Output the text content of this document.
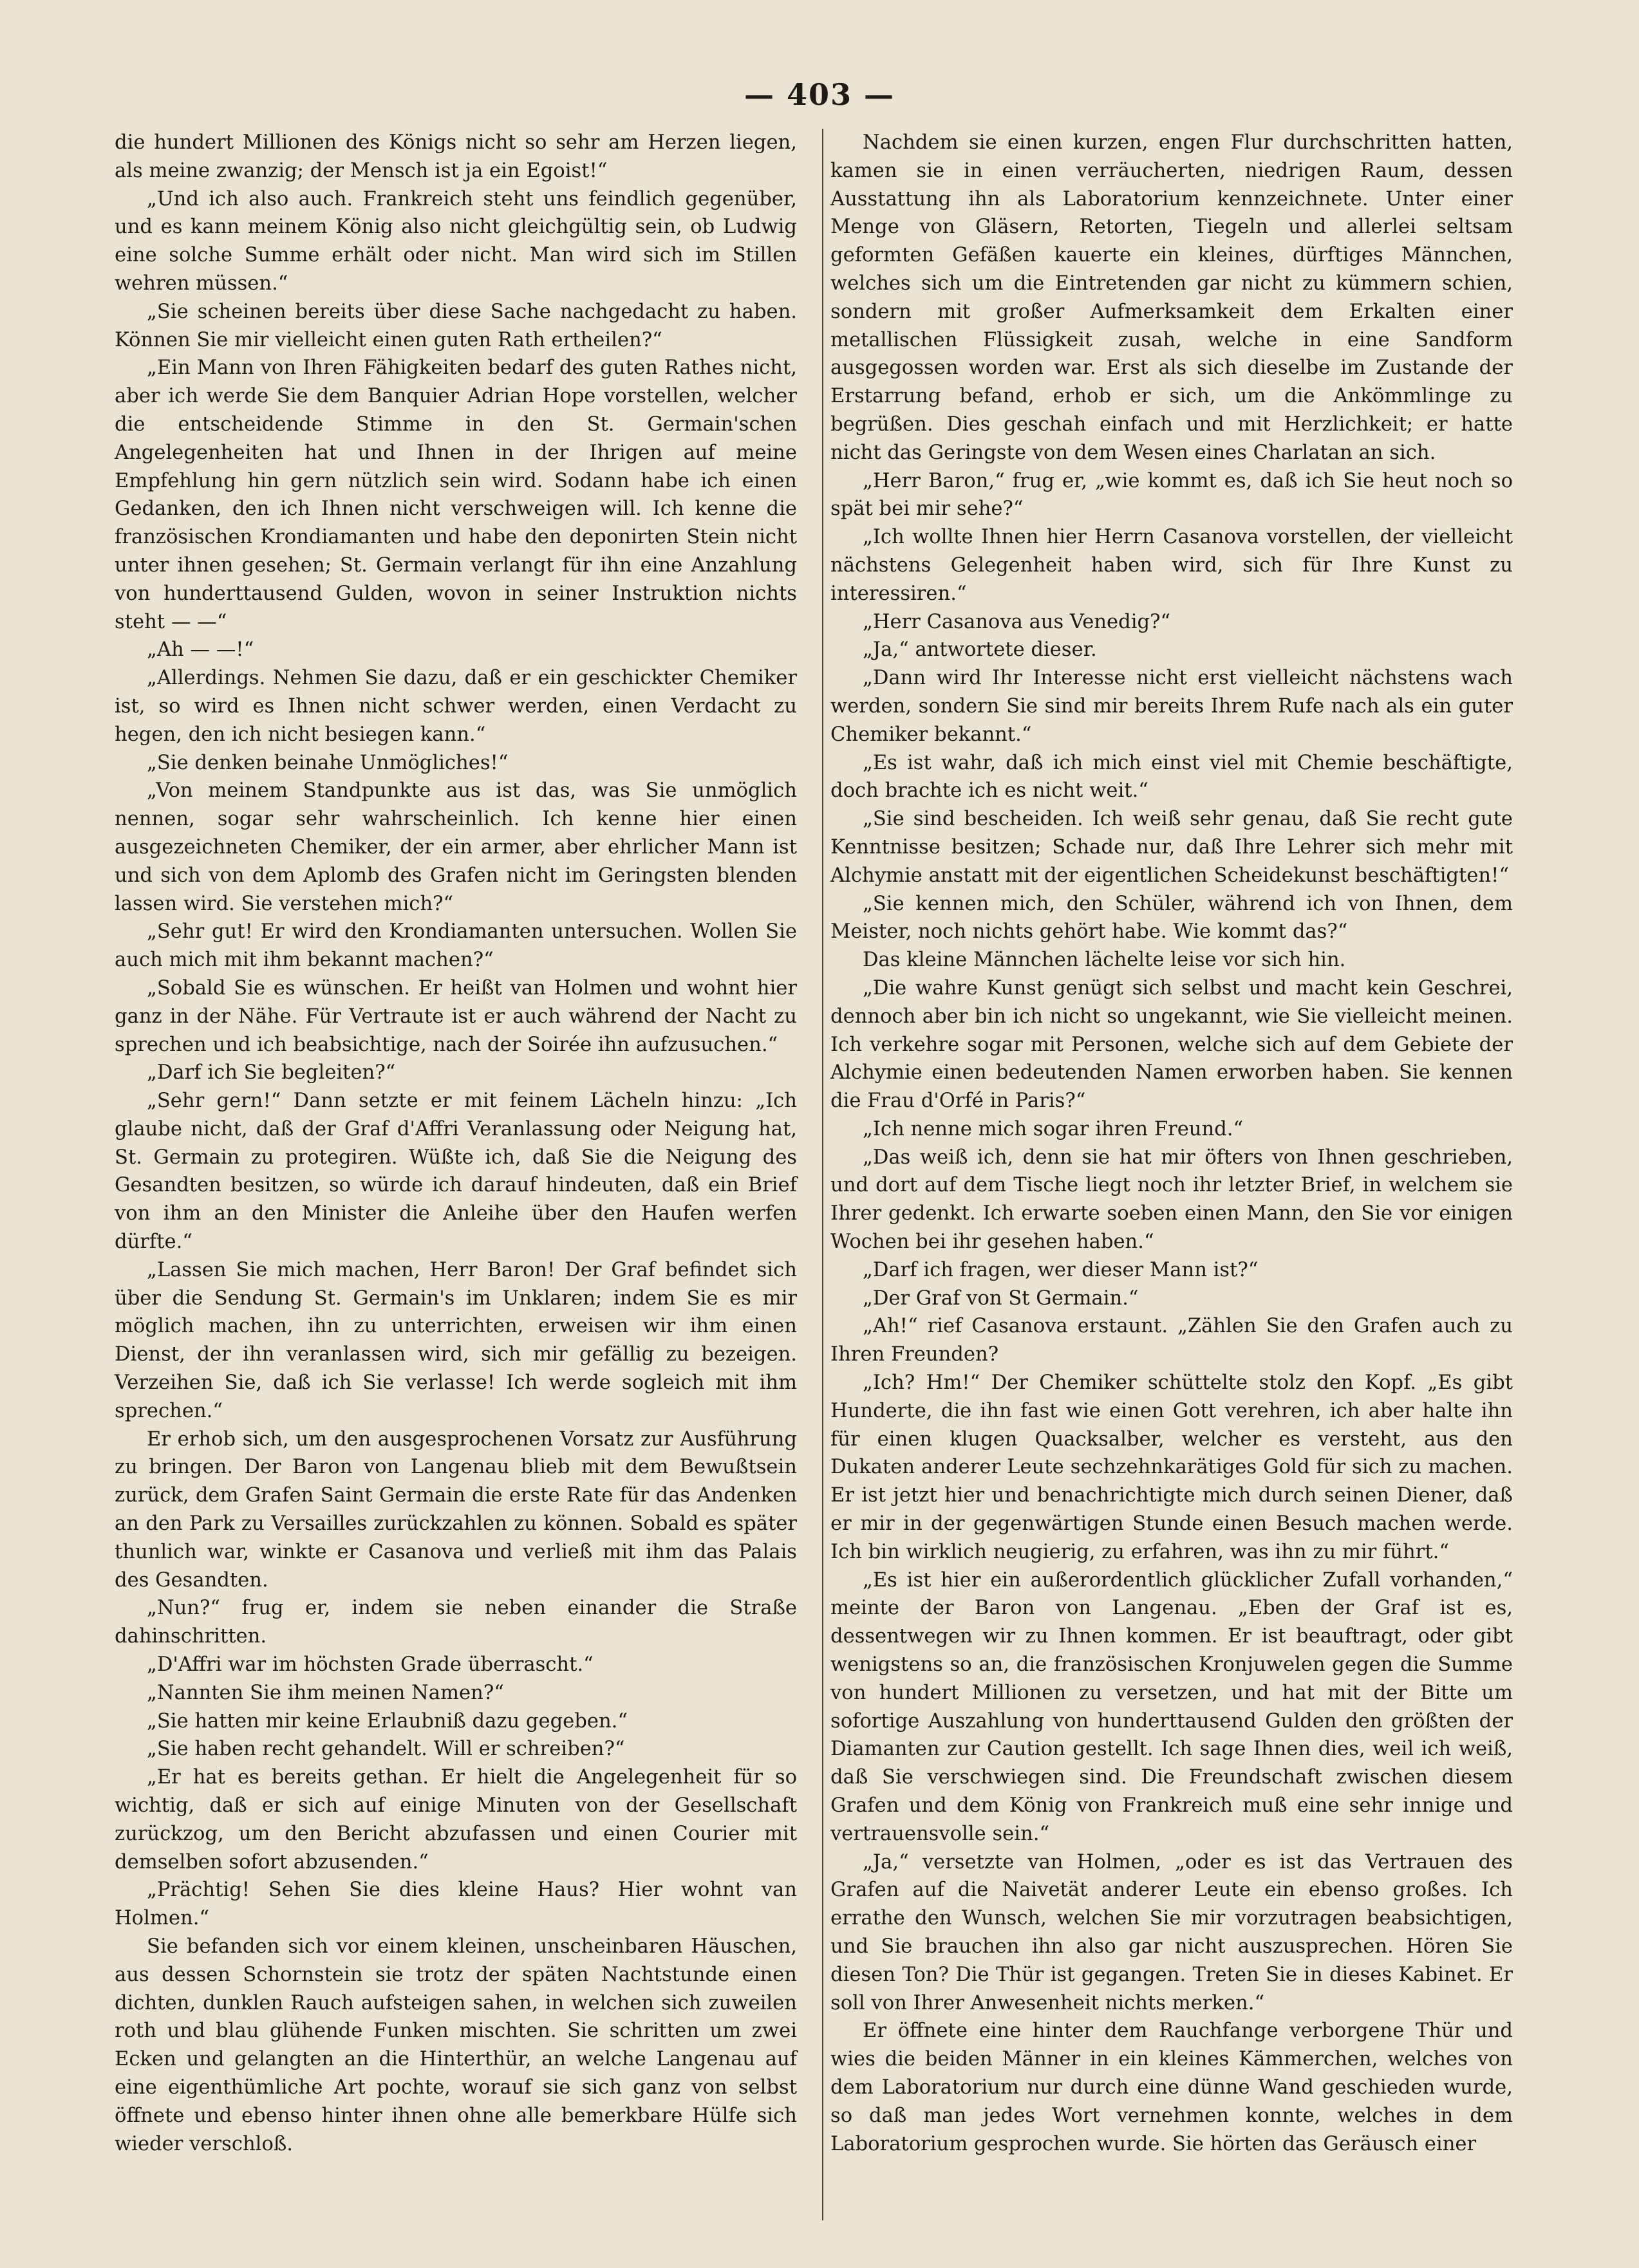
— 403 —

die hundert Millionen des Königs nicht so sehr am Herzen liegen, als meine zwanzig; der Mensch ist ja ein Egoist!“

„Und ich also auch. Frankreich steht uns feindlich gegenüber, und es kann meinem König also nicht gleichgültig sein, ob Ludwig eine solche Summe erhält oder nicht. Man wird sich im Stillen wehren müssen.“

„Sie scheinen bereits über diese Sache nachgedacht zu haben. Können Sie mir vielleicht einen guten Rath ertheilen?“

„Ein Mann von Ihren Fähigkeiten bedarf des guten Rathes nicht, aber ich werde Sie dem Banquier Adrian Hope vorstellen, welcher die entscheidende Stimme in den St. Germain'schen Angelegenheiten hat und Ihnen in der Ihrigen auf meine Empfehlung hin gern nützlich sein wird. Sodann habe ich einen Gedanken, den ich Ihnen nicht verschweigen will. Ich kenne die französischen Krondiamanten und habe den deponirten Stein nicht unter ihnen gesehen; St. Germain verlangt für ihn eine Anzahlung von hunderttausend Gulden, wovon in seiner Instruktion nichts steht — —“

„Ah — —!“

„Allerdings. Nehmen Sie dazu, daß er ein geschickter Chemiker ist, so wird es Ihnen nicht schwer werden, einen Verdacht zu hegen, den ich nicht besiegen kann.“

„Sie denken beinahe Unmögliches!“

„Von meinem Standpunkte aus ist das, was Sie unmöglich nennen, sogar sehr wahrscheinlich. Ich kenne hier einen ausgezeichneten Chemiker, der ein armer, aber ehrlicher Mann ist und sich von dem Aplomb des Grafen nicht im Geringsten blenden lassen wird. Sie verstehen mich?“

„Sehr gut! Er wird den Krondiamanten untersuchen. Wollen Sie auch mich mit ihm bekannt machen?“

„Sobald Sie es wünschen. Er heißt van Holmen und wohnt hier ganz in der Nähe. Für Vertraute ist er auch während der Nacht zu sprechen und ich beabsichtige, nach der Soirée ihn aufzusuchen.“

„Darf ich Sie begleiten?“

„Sehr gern!“ Dann setzte er mit feinem Lächeln hinzu: „Ich glaube nicht, daß der Graf d'Affri Veranlassung oder Neigung hat, St. Germain zu protegiren. Wüßte ich, daß Sie die Neigung des Gesandten besitzen, so würde ich darauf hindeuten, daß ein Brief von ihm an den Minister die Anleihe über den Haufen werfen dürfte.“

„Lassen Sie mich machen, Herr Baron! Der Graf befindet sich über die Sendung St. Germain's im Unklaren; indem Sie es mir möglich machen, ihn zu unterrichten, erweisen wir ihm einen Dienst, der ihn veranlassen wird, sich mir gefällig zu bezeigen. Verzeihen Sie, daß ich Sie verlasse! Ich werde sogleich mit ihm sprechen.“

Er erhob sich, um den ausgesprochenen Vorsatz zur Ausführung zu bringen. Der Baron von Langenau blieb mit dem Bewußtsein zurück, dem Grafen Saint Germain die erste Rate für das Andenken an den Park zu Versailles zurückzahlen zu können. Sobald es später thunlich war, winkte er Casanova und verließ mit ihm das Palais des Gesandten.

„Nun?“ frug er, indem sie neben einander die Straße dahinschritten.

„D'Affri war im höchsten Grade überrascht.“

„Nannten Sie ihm meinen Namen?“

„Sie hatten mir keine Erlaubniß dazu gegeben.“

„Sie haben recht gehandelt. Will er schreiben?“

„Er hat es bereits gethan. Er hielt die Angelegenheit für so wichtig, daß er sich auf einige Minuten von der Gesellschaft zurückzog, um den Bericht abzufassen und einen Courier mit demselben sofort abzusenden.“

„Prächtig! Sehen Sie dies kleine Haus? Hier wohnt van Holmen.“

Sie befanden sich vor einem kleinen, unscheinbaren Häuschen, aus dessen Schornstein sie trotz der späten Nachtstunde einen dichten, dunklen Rauch aufsteigen sahen, in welchen sich zuweilen roth und blau glühende Funken mischten. Sie schritten um zwei Ecken und gelangten an die Hinterthür, an welche Langenau auf eine eigenthümliche Art pochte, worauf sie sich ganz von selbst öffnete und ebenso hinter ihnen ohne alle bemerkbare Hülfe sich wieder verschloß.

Nachdem sie einen kurzen, engen Flur durchschritten hatten, kamen sie in einen verräucherten, niedrigen Raum, dessen Ausstattung ihn als Laboratorium kennzeichnete. Unter einer Menge von Gläsern, Retorten, Tiegeln und allerlei seltsam geformten Gefäßen kauerte ein kleines, dürftiges Männchen, welches sich um die Eintretenden gar nicht zu kümmern schien, sondern mit großer Aufmerksamkeit dem Erkalten einer metallischen Flüssigkeit zusah, welche in eine Sandform ausgegossen worden war. Erst als sich dieselbe im Zustande der Erstarrung befand, erhob er sich, um die Ankömmlinge zu begrüßen. Dies geschah einfach und mit Herzlichkeit; er hatte nicht das Geringste von dem Wesen eines Charlatan an sich.

„Herr Baron,“ frug er, „wie kommt es, daß ich Sie heut noch so spät bei mir sehe?“

„Ich wollte Ihnen hier Herrn Casanova vorstellen, der vielleicht nächstens Gelegenheit haben wird, sich für Ihre Kunst zu interessiren.“

„Herr Casanova aus Venedig?“

„Ja,“ antwortete dieser.

„Dann wird Ihr Interesse nicht erst vielleicht nächstens wach werden, sondern Sie sind mir bereits Ihrem Rufe nach als ein guter Chemiker bekannt.“

„Es ist wahr, daß ich mich einst viel mit Chemie beschäftigte, doch brachte ich es nicht weit.“

„Sie sind bescheiden. Ich weiß sehr genau, daß Sie recht gute Kenntnisse besitzen; Schade nur, daß Ihre Lehrer sich mehr mit Alchymie anstatt mit der eigentlichen Scheidekunst beschäftigten!“

„Sie kennen mich, den Schüler, während ich von Ihnen, dem Meister, noch nichts gehört habe. Wie kommt das?“

Das kleine Männchen lächelte leise vor sich hin.

„Die wahre Kunst genügt sich selbst und macht kein Geschrei, dennoch aber bin ich nicht so ungekannt, wie Sie vielleicht meinen. Ich verkehre sogar mit Personen, welche sich auf dem Gebiete der Alchymie einen bedeutenden Namen erworben haben. Sie kennen die Frau d'Orfé in Paris?“

„Ich nenne mich sogar ihren Freund.“

„Das weiß ich, denn sie hat mir öfters von Ihnen geschrieben, und dort auf dem Tische liegt noch ihr letzter Brief, in welchem sie Ihrer gedenkt. Ich erwarte soeben einen Mann, den Sie vor einigen Wochen bei ihr gesehen haben.“

„Darf ich fragen, wer dieser Mann ist?“

„Der Graf von St Germain.“

„Ah!“ rief Casanova erstaunt. „Zählen Sie den Grafen auch zu Ihren Freunden?

„Ich? Hm!“ Der Chemiker schüttelte stolz den Kopf. „Es gibt Hunderte, die ihn fast wie einen Gott verehren, ich aber halte ihn für einen klugen Quacksalber, welcher es versteht, aus den Dukaten anderer Leute sechzehnkarätiges Gold für sich zu machen. Er ist jetzt hier und benachrichtigte mich durch seinen Diener, daß er mir in der gegenwärtigen Stunde einen Besuch machen werde. Ich bin wirklich neugierig, zu erfahren, was ihn zu mir führt.“

„Es ist hier ein außerordentlich glücklicher Zufall vorhanden,“ meinte der Baron von Langenau. „Eben der Graf ist es, dessentwegen wir zu Ihnen kommen. Er ist beauftragt, oder gibt wenigstens so an, die französischen Kronjuwelen gegen die Summe von hundert Millionen zu versetzen, und hat mit der Bitte um sofortige Auszahlung von hunderttausend Gulden den größten der Diamanten zur Caution gestellt. Ich sage Ihnen dies, weil ich weiß, daß Sie verschwiegen sind. Die Freundschaft zwischen diesem Grafen und dem König von Frankreich muß eine sehr innige und vertrauensvolle sein.“

„Ja,“ versetzte van Holmen, „oder es ist das Vertrauen des Grafen auf die Naivetät anderer Leute ein ebenso großes. Ich errathe den Wunsch, welchen Sie mir vorzutragen beabsichtigen, und Sie brauchen ihn also gar nicht auszusprechen. Hören Sie diesen Ton? Die Thür ist gegangen. Treten Sie in dieses Kabinet. Er soll von Ihrer Anwesenheit nichts merken.“

Er öffnete eine hinter dem Rauchfange verborgene Thür und wies die beiden Männer in ein kleines Kämmerchen, welches von dem Laboratorium nur durch eine dünne Wand geschieden wurde, so daß man jedes Wort vernehmen konnte, welches in dem Laboratorium gesprochen wurde. Sie hörten das Geräusch einer
